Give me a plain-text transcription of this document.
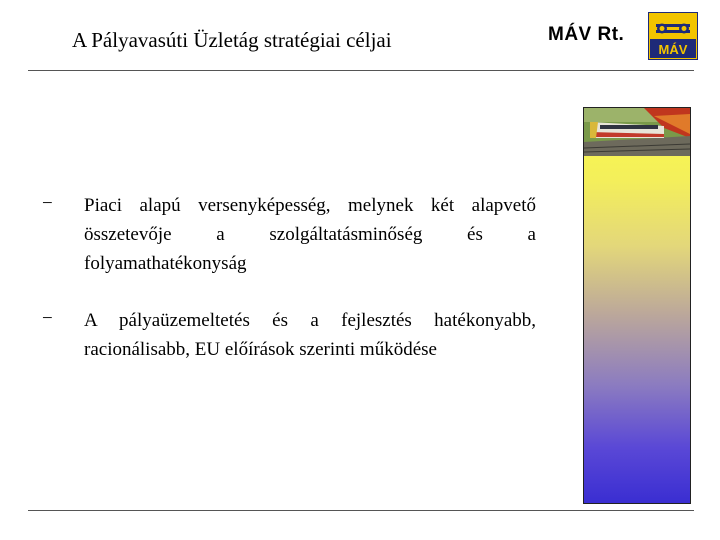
A Pályavasúti Üzletág stratégiai céljai	MÁV Rt.
MÁV
− Piaci alapú versenyképesség, melynek két alapvető összetevője a szolgáltatásminőség és a folyamathatékonyság
− A pályaüzemeltetés és a fejlesztés hatékonyabb, racionálisabb, EU előírások szerinti működése
